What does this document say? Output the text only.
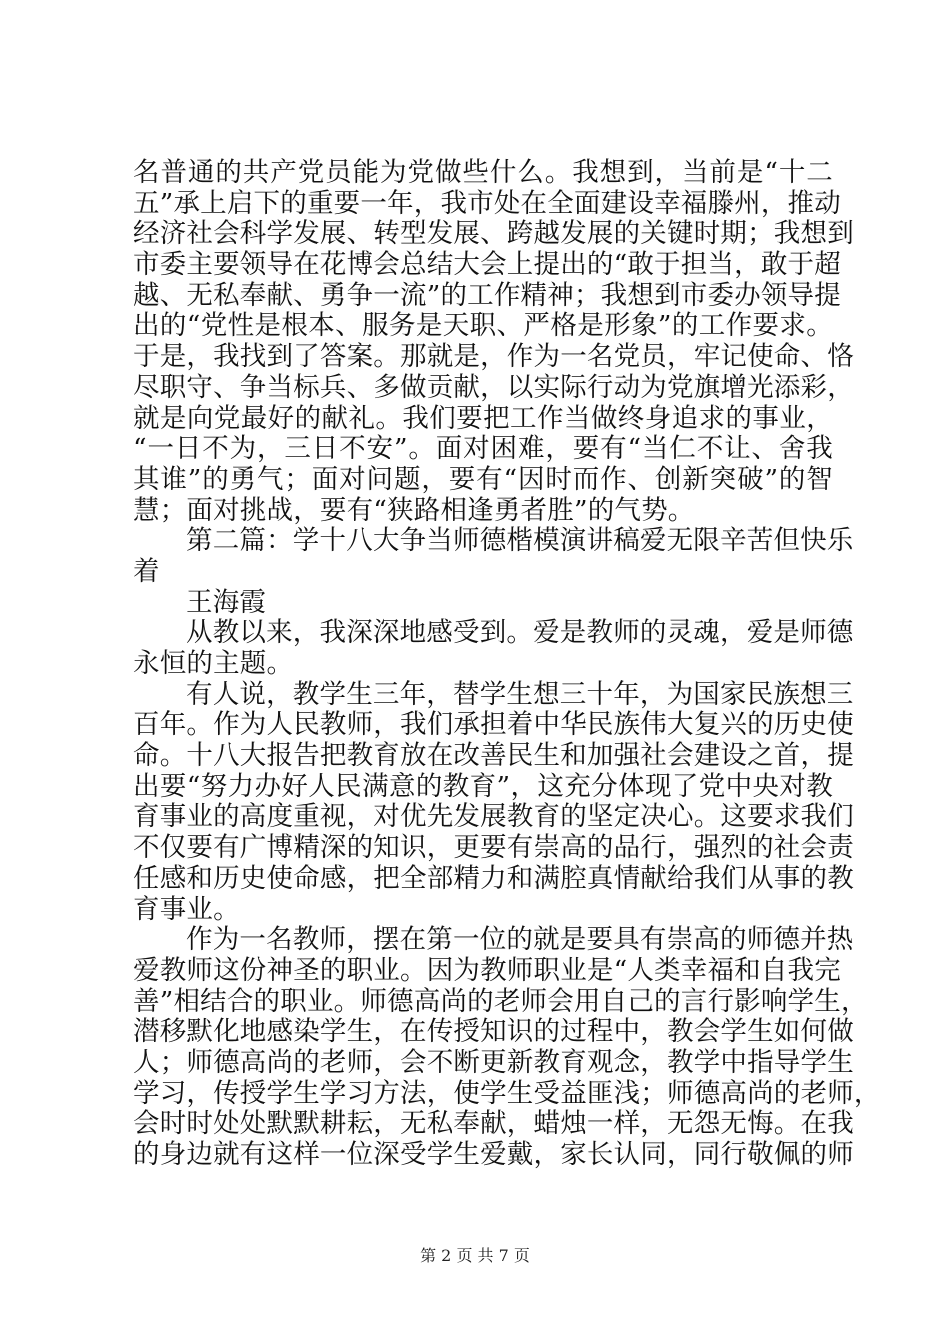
名普通的共产党员能为党做些什么。我想到，当前是“十二
五”承上启下的重要一年，我市处在全面建设幸福滕州，推动
经济社会科学发展、转型发展、跨越发展的关键时期；我想到
市委主要领导在花博会总结大会上提出的“敢于担当，敢于超
越、无私奉献、勇争一流”的工作精神；我想到市委办领导提
出的“党性是根本、服务是天职、严格是形象”的工作要求。
于是，我找到了答案。那就是，作为一名党员，牢记使命、恪
尽职守、争当标兵、多做贡献，以实际行动为党旗增光添彩，
就是向党最好的献礼。我们要把工作当做终身追求的事业，
“一日不为，三日不安”。面对困难，要有“当仁不让、舍我
其谁”的勇气；面对问题，要有“因时而作、创新突破”的智
慧；面对挑战，要有“狭路相逢勇者胜”的气势。
第二篇：学十八大争当师德楷模演讲稿爱无限辛苦但快乐
着
王海霞
从教以来，我深深地感受到。爱是教师的灵魂，爱是师德
永恒的主题。
有人说，教学生三年，替学生想三十年，为国家民族想三
百年。作为人民教师，我们承担着中华民族伟大复兴的历史使
命。十八大报告把教育放在改善民生和加强社会建设之首，提
出要“努力办好人民满意的教育”，这充分体现了党中央对教
育事业的高度重视，对优先发展教育的坚定决心。这要求我们
不仅要有广博精深的知识，更要有崇高的品行，强烈的社会责
任感和历史使命感，把全部精力和满腔真情献给我们从事的教
育事业。
作为一名教师，摆在第一位的就是要具有崇高的师德并热
爱教师这份神圣的职业。因为教师职业是“人类幸福和自我完
善”相结合的职业。师德高尚的老师会用自己的言行影响学生，
潜移默化地感染学生，在传授知识的过程中，教会学生如何做
人；师德高尚的老师，会不断更新教育观念，教学中指导学生
学习，传授学生学习方法，使学生受益匪浅；师德高尚的老师，
会时时处处默默耕耘，无私奉献，蜡烛一样，无怨无悔。在我
的身边就有这样一位深受学生爱戴，家长认同，同行敬佩的师
第 2 页 共 7 页
